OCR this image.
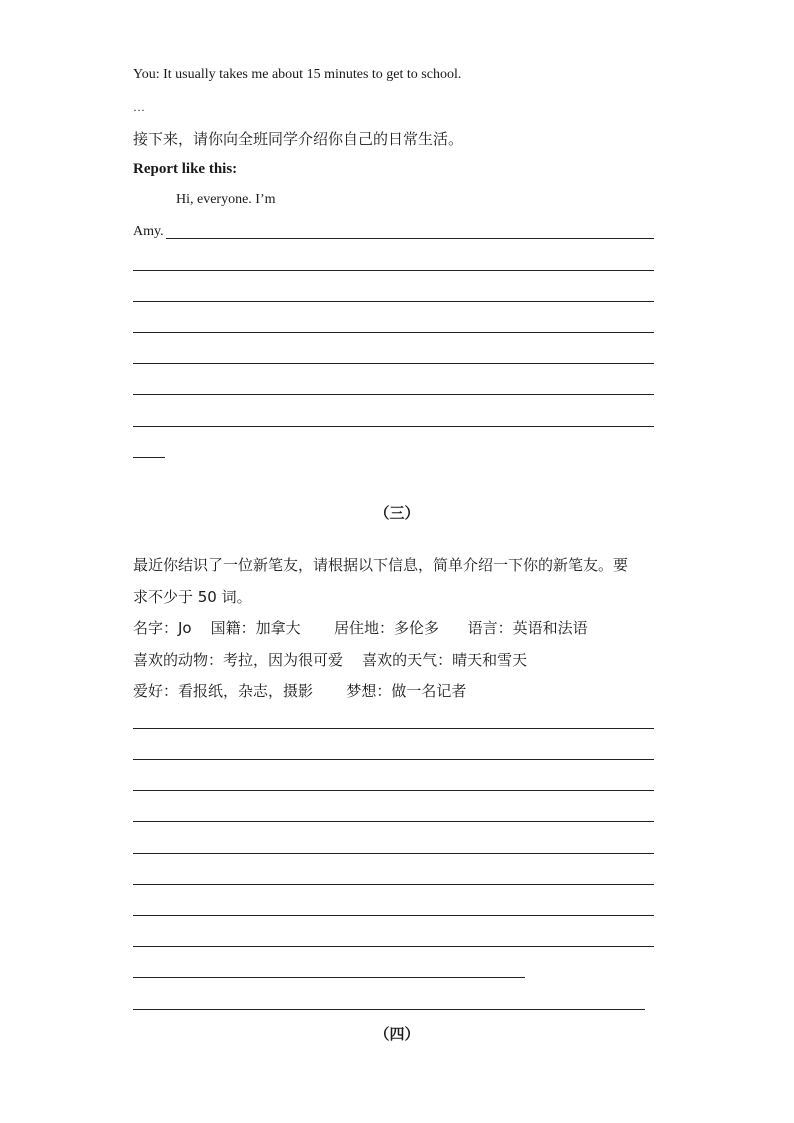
You: It usually takes me about 15 minutes to get to school.
…
接下来，请你向全班同学介绍你自己的日常生活。
Report like this:
Hi, everyone. I’m
Amy.
（三）
最近你结识了一位新笔友，请根据以下信息，简单介绍一下你的新笔友。要
求不少于 50 词。
名字：Jo    国籍：加拿大       居住地：多伦多      语言：英语和法语
喜欢的动物：考拉，因为很可爱    喜欢的天气：晴天和雪天
爱好：看报纸，杂志，摄影       梦想：做一名记者
（四）
